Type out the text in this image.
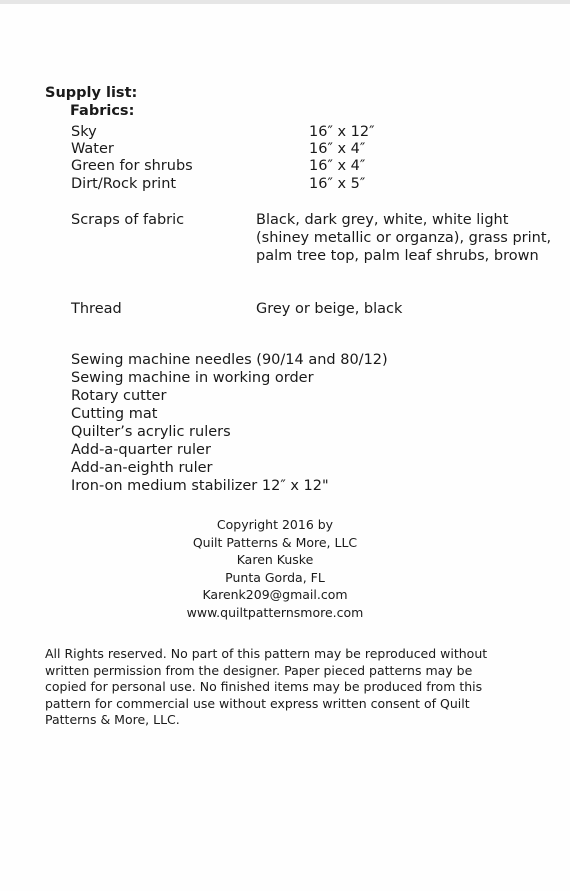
Supply list:
Fabrics:
Sky	16″ x 12″
Water	16″ x 4″
Green for shrubs	16″ x 4″
Dirt/Rock print	16″ x 5″
Scraps of fabric	Black, dark grey, white, white light (shiney metallic or organza), grass print, palm tree top, palm leaf shrubs, brown
Thread	Grey or beige, black
Sewing machine needles (90/14 and 80/12)
Sewing machine in working order
Rotary cutter
Cutting mat
Quilter’s acrylic rulers
Add-a-quarter ruler
Add-an-eighth ruler
Iron-on medium stabilizer 12″ x 12"
Copyright 2016 by
Quilt Patterns & More, LLC
Karen Kuske
Punta Gorda, FL
Karenk209@gmail.com
www.quiltpatternsmore.com
All Rights reserved. No part of this pattern may be reproduced without written permission from the designer. Paper pieced patterns may be copied for personal use. No finished items may be produced from this pattern for commercial use without express written consent of Quilt Patterns & More, LLC.
